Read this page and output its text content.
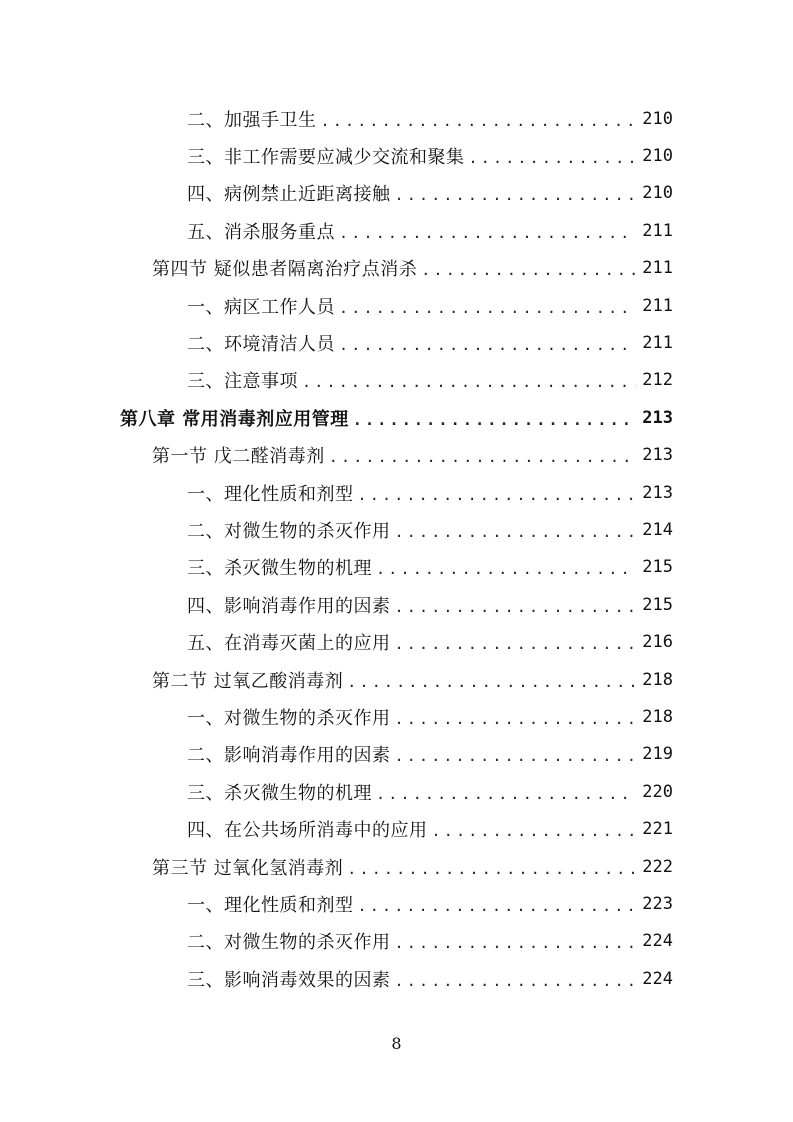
二、加强手卫生 .....	210
三、非工作需要应减少交流和聚集 .....	210
四、病例禁止近距离接触 .....	210
五、消杀服务重点 .....	211
第四节 疑似患者隔离治疗点消杀 .....	211
一、病区工作人员 .....	211
二、环境清洁人员 .....	211
三、注意事项 .....	212
第八章 常用消毒剂应用管理 .....	213
第一节 戊二醛消毒剂 .....	213
一、理化性质和剂型 .....	213
二、对微生物的杀灭作用 .....	214
三、杀灭微生物的机理 .....	215
四、影响消毒作用的因素 .....	215
五、在消毒灭菌上的应用 .....	216
第二节 过氧乙酸消毒剂 .....	218
一、对微生物的杀灭作用 .....	218
二、影响消毒作用的因素 .....	219
三、杀灭微生物的机理 .....	220
四、在公共场所消毒中的应用 .....	221
第三节 过氧化氢消毒剂 .....	222
一、理化性质和剂型 .....	223
二、对微生物的杀灭作用 .....	224
三、影响消毒效果的因素 .....	224
8
